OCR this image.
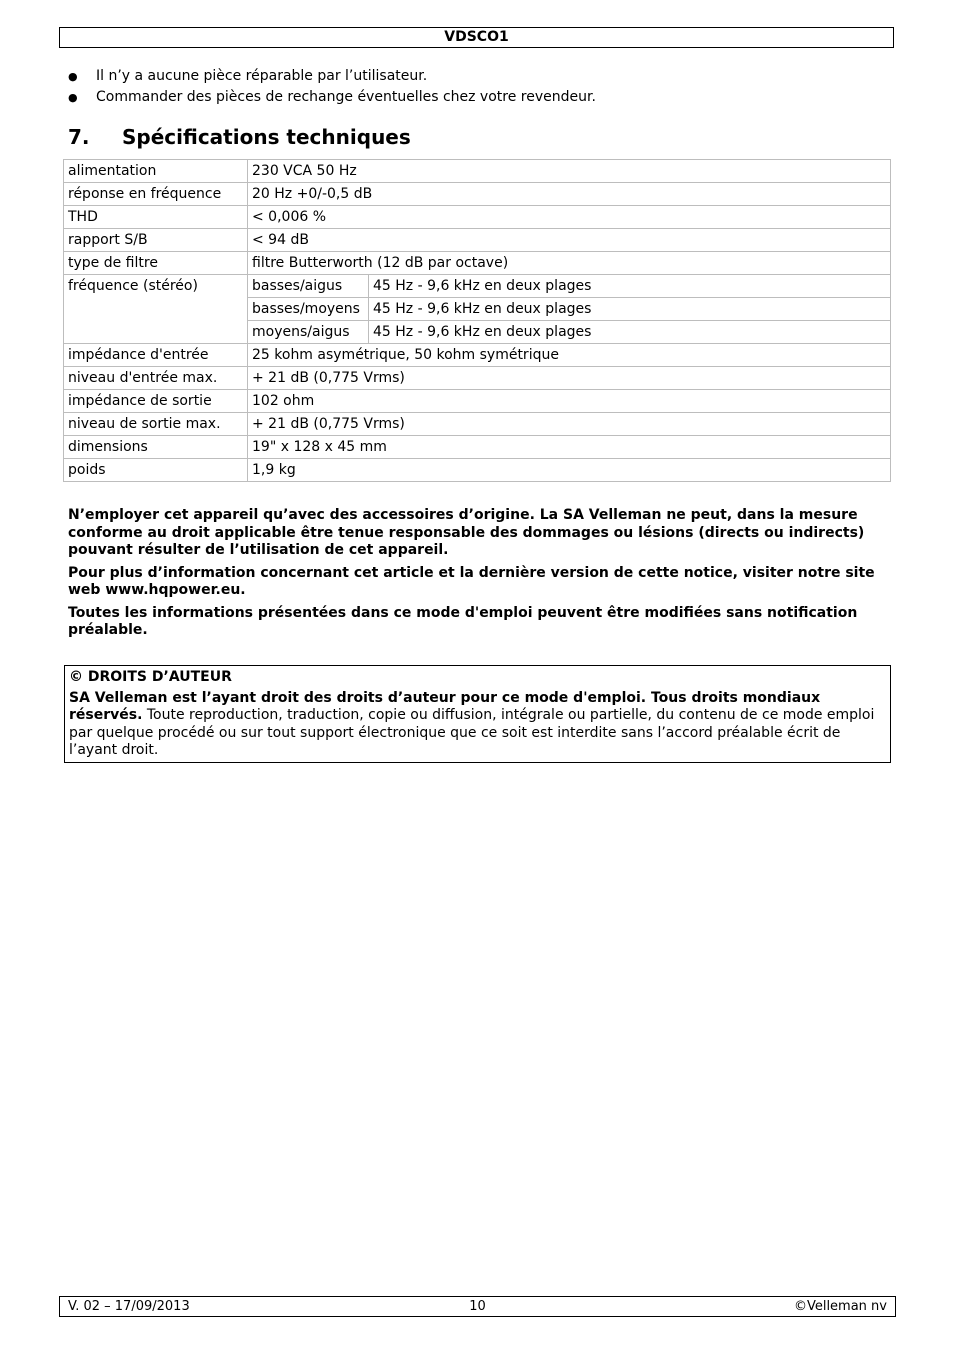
VDSCO1
● Il n’y a aucune pièce réparable par l’utilisateur.
● Commander des pièces de rechange éventuelles chez votre revendeur.
7. Spécifications techniques
alimentation	230 VCA 50 Hz	
réponse en fréquence	20 Hz +0/-0,5 dB	
THD	< 0,006 %	
rapport S/B	< 94 dB	
type de filtre	filtre Butterworth (12 dB par octave)	
fréquence (stéréo)	basses/aigus	45 Hz - 9,6 kHz en deux plages
	basses/moyens	45 Hz - 9,6 kHz en deux plages
	moyens/aigus	45 Hz - 9,6 kHz en deux plages
impédance d'entrée	25 kohm asymétrique, 50 kohm symétrique	
niveau d'entrée max.	+ 21 dB (0,775 Vrms)	
impédance de sortie	102 ohm	
niveau de sortie max.	+ 21 dB (0,775 Vrms)	
dimensions	19" x 128 x 45 mm	
poids	1,9 kg	

N’employer cet appareil qu’avec des accessoires d’origine. La SA Velleman ne peut, dans la mesure conforme au droit applicable être tenue responsable des dommages ou lésions (directs ou indirects) pouvant résulter de l’utilisation de cet appareil.

Pour plus d’information concernant cet article et la dernière version de cette notice, visiter notre site web www.hqpower.eu.

Toutes les informations présentées dans ce mode d'emploi peuvent être modifiées sans notification préalable.

© DROITS D’AUTEUR
SA Velleman est l’ayant droit des droits d’auteur pour ce mode d'emploi. Tous droits mondiaux réservés. Toute reproduction, traduction, copie ou diffusion, intégrale ou partielle, du contenu de ce mode emploi par quelque procédé ou sur tout support électronique que ce soit est interdite sans l’accord préalable écrit de l’ayant droit.
V. 02 – 17/09/2013	10	©Velleman nv
